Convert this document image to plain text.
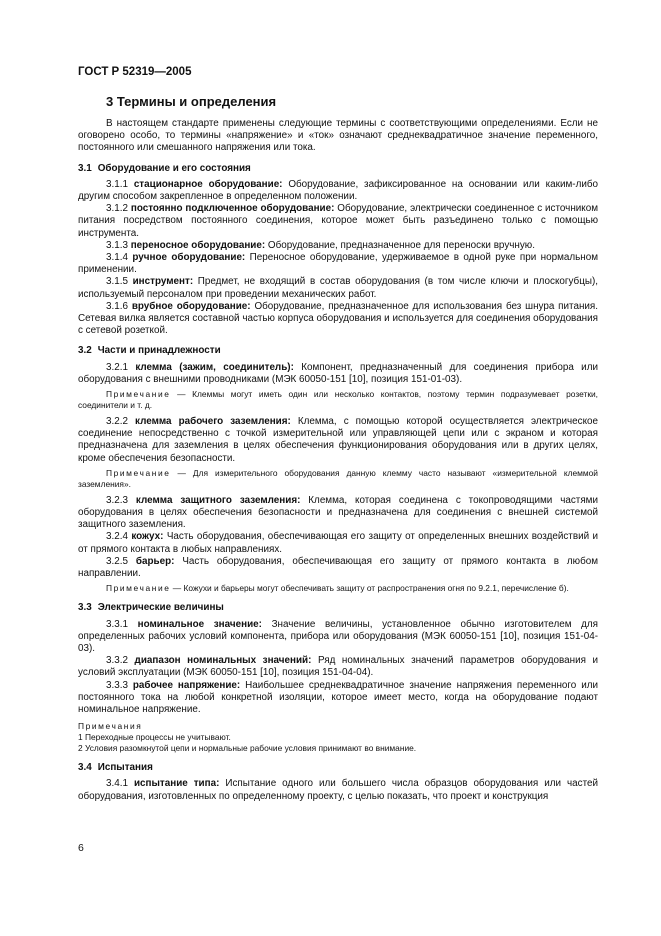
ГОСТ Р 52319—2005
3 Термины и определения

В настоящем стандарте применены следующие термины с соответствующими определениями. Если не оговорено особо, то термины «напряжение» и «ток» означают среднеквадратичное значение переменного, постоянного или смешанного напряжения или тока.

3.1 Оборудование и его состояния

3.1.1 стационарное оборудование: Оборудование, зафиксированное на основании или каким-либо другим способом закрепленное в определенном положении.

3.1.2 постоянно подключенное оборудование: Оборудование, электрически соединенное с источником питания посредством постоянного соединения, которое может быть разъединено только с помощью инструмента.

3.1.3 переносное оборудование: Оборудование, предназначенное для переноски вручную.

3.1.4 ручное оборудование: Переносное оборудование, удерживаемое в одной руке при нормальном применении.

3.1.5 инструмент: Предмет, не входящий в состав оборудования (в том числе ключи и плоскогубцы), используемый персоналом при проведении механических работ.

3.1.6 врубное оборудование: Оборудование, предназначенное для использования без шнура питания. Сетевая вилка является составной частью корпуса оборудования и используется для соединения оборудования с сетевой розеткой.

3.2 Части и принадлежности

3.2.1 клемма (зажим, соединитель): Компонент, предназначенный для соединения прибора или оборудования с внешними проводниками (МЭК 60050-151 [10], позиция 151-01-03).

Примечание — Клеммы могут иметь один или несколько контактов, поэтому термин подразумевает розетки, соединители и т. д.

3.2.2 клемма рабочего заземления: Клемма, с помощью которой осуществляется электрическое соединение непосредственно с точкой измерительной или управляющей цепи или с экраном и которая предназначена для заземления в целях обеспечения функционирования оборудования или в других целях, кроме обеспечения безопасности.

Примечание — Для измерительного оборудования данную клемму часто называют «измерительной клеммой заземления».

3.2.3 клемма защитного заземления: Клемма, которая соединена с токопроводящими частями оборудования в целях обеспечения безопасности и предназначена для соединения с внешней системой защитного заземления.

3.2.4 кожух: Часть оборудования, обеспечивающая его защиту от определенных внешних воздействий и от прямого контакта в любых направлениях.

3.2.5 барьер: Часть оборудования, обеспечивающая его защиту от прямого контакта в любом направлении.

Примечание — Кожухи и барьеры могут обеспечивать защиту от распространения огня по 9.2.1, перечисление б).

3.3 Электрические величины

3.3.1 номинальное значение: Значение величины, установленное обычно изготовителем для определенных рабочих условий компонента, прибора или оборудования (МЭК 60050-151 [10], позиция 151-04-03).

3.3.2 диапазон номинальных значений: Ряд номинальных значений параметров оборудования и условий эксплуатации (МЭК 60050-151 [10], позиция 151-04-04).

3.3.3 рабочее напряжение: Наибольшее среднеквадратичное значение напряжения переменного или постоянного тока на любой конкретной изоляции, которое имеет место, когда на оборудование подают номинальное напряжение.

Примечания

1 Переходные процессы не учитывают.

2 Условия разомкнутой цепи и нормальные рабочие условия принимают во внимание.

3.4 Испытания

3.4.1 испытание типа: Испытание одного или большего числа образцов оборудования или частей оборудования, изготовленных по определенному проекту, с целью показать, что проект и конструкция

6
